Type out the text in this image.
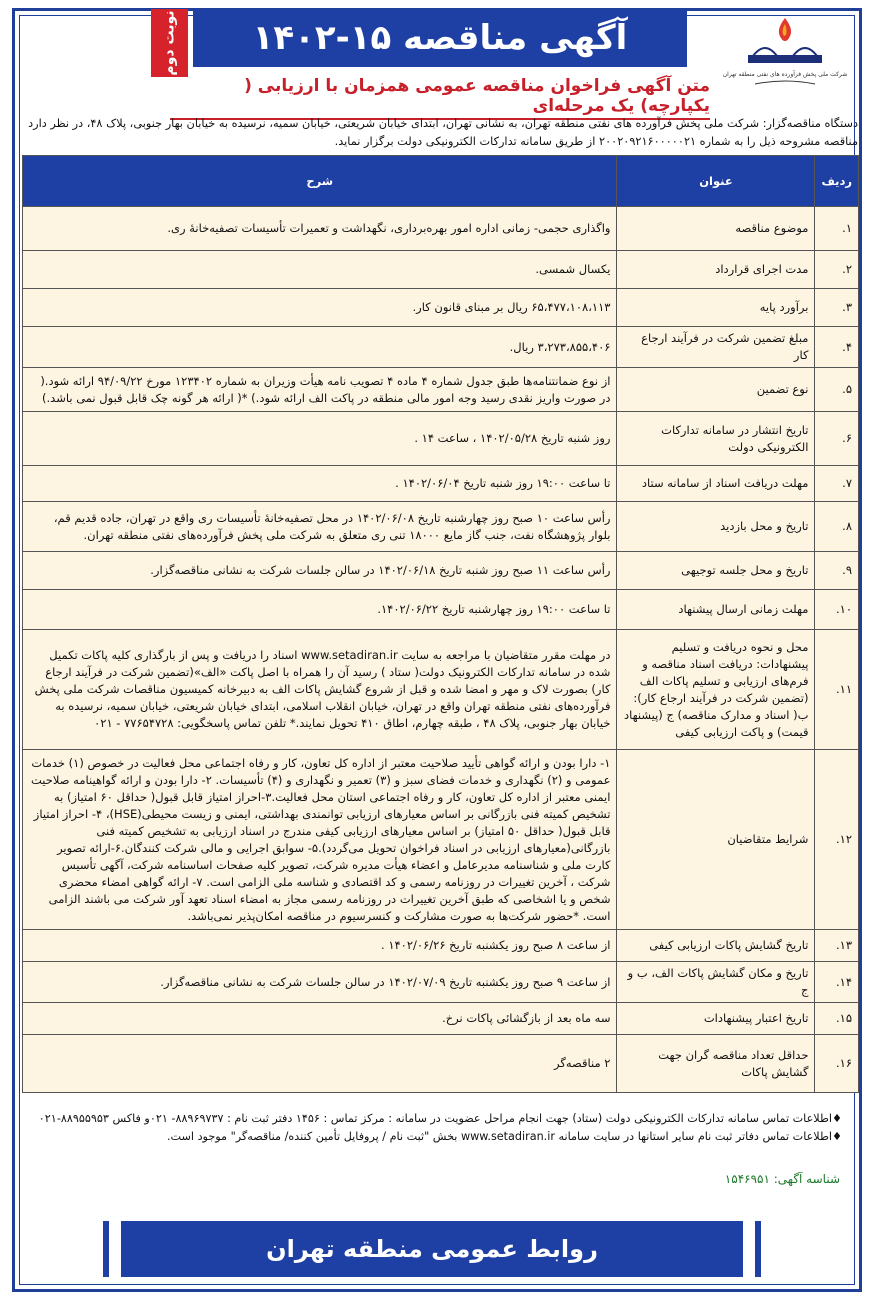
شرکت ملی پخش فرآورده های نفتی منطقه تهران
نوبت دوم	آگهی مناقصه ۱۵-۱۴۰۲
متن آگهی فراخوان مناقصه عمومی همزمان با ارزیابی ( یکپارچه) یک مرحله‌ای
دستگاه مناقصه‌گزار: شرکت ملی پخش فرآورده های نفتی منطقه تهران، به نشانی تهران، ابتدای خیابان شریعتی، خیابان سمیه، نرسیده به خیابان بهار جنوبی، پلاک ۴۸، در نظر دارد مناقصه مشروحه ذیل را به شماره ۲۰۰۲۰۹۲۱۶۰۰۰۰۰۲۱ از طریق سامانه تدارکات الکترونیکی دولت برگزار نماید.
ردیف	عنوان	شرح
۱.	موضوع مناقصه	واگذاری حجمی- زمانی اداره امور بهره‌برداری، نگهداشت و تعمیرات تأسیسات تصفیه‌خانهٔ ری.
۲.	مدت اجرای قرارداد	یکسال شمسی.
۳.	برآورد پایه	۶۵،۴۷۷،۱۰۸،۱۱۳ ریال بر مبنای قانون کار.
۴.	مبلغ تضمین شرکت در فرآیند ارجاع کار	۳،۲۷۳،۸۵۵،۴۰۶ ریال.
۵.	نوع تضمین	از نوع ضمانتنامه‌ها طبق جدول شماره ۴ ماده ۴ تصویب نامه هیأت وزیران به شماره ۱۲۳۴۰۲ مورخ ۹۴/۰۹/۲۲ ارائه شود.( در صورت واریز نقدی رسید وجه امور مالی منطقه در پاکت الف ارائه شود.) *( ارائه هر گونه چک قابل قبول نمی باشد.)
۶.	تاریخ انتشار در سامانه تدارکات الکترونیکی دولت	روز شنبه تاریخ ۱۴۰۲/۰۵/۲۸ ، ساعت ۱۴ .
۷.	مهلت دریافت اسناد از سامانه ستاد	تا ساعت ۱۹:۰۰ روز شنبه تاریخ ۱۴۰۲/۰۶/۰۴ .
۸.	تاریخ و محل بازدید	رأس ساعت ۱۰ صبح روز چهارشنبه تاریخ ۱۴۰۲/۰۶/۰۸ در محل تصفیه‌خانهٔ تأسیسات ری واقع در تهران، جاده قدیم قم، بلوار پژوهشگاه نفت، جنب گاز مایع ۱۸۰۰۰ تنی ری متعلق به شرکت ملی پخش فرآورده‌های نفتی منطقه تهران.
۹.	تاریخ و محل جلسه توجیهی	رأس ساعت ۱۱ صبح روز شنبه تاریخ ۱۴۰۲/۰۶/۱۸ در سالن جلسات شرکت به نشانی مناقصه‌گزار.
۱۰.	مهلت زمانی ارسال پیشنهاد	تا ساعت ۱۹:۰۰ روز چهارشنبه تاریخ ۱۴۰۲/۰۶/۲۲.
۱۱.	محل و نحوه دریافت و تسلیم پیشنهادات: دریافت اسناد مناقصه و فرم‌های ارزیابی و تسلیم پاکات الف (تضمین شرکت در فرآیند ارجاع کار): ب( اسناد و مدارک مناقصه) ج (پیشنهاد قیمت) و پاکت ارزیابی کیفی	در مهلت مقرر متقاضیان با مراجعه به سایت www.setadiran.ir اسناد را دریافت و پس از بارگذاری کلیه پاکات تکمیل شده در سامانه تدارکات الکترونیک دولت( ستاد ) رسید آن را همراه با اصل پاکت «الف»(تضمین شرکت در فرآیند ارجاع کار) بصورت لاک و مهر و امضا شده و قبل از شروع گشایش پاکات الف به دبیرخانه کمیسیون مناقصات شرکت ملی پخش فرآورده‌های نفتی منطقه تهران واقع در تهران، خیابان انقلاب اسلامی، ابتدای خیابان شریعتی، خیابان سمیه، نرسیده به خیابان بهار جنوبی، پلاک ۴۸ ، طبقه چهارم، اطاق ۴۱۰ تحویل نمایند.* تلفن تماس پاسخگویی: ۷۷۶۵۴۷۲۸ - ۰۲۱
۱۲.	شرایط متقاضیان	۱- دارا بودن و ارائه گواهی تأیید صلاحیت معتبر از اداره کل تعاون، کار و رفاه اجتماعی محل فعالیت در خصوص (۱) خدمات عمومی و (۲) نگهداری و خدمات فضای سبز و (۳) تعمیر و نگهداری و (۴) تأسیسات. ۲- دارا بودن و ارائه گواهینامه صلاحیت ایمنی معتبر از اداره کل تعاون، کار و رفاه اجتماعی استان محل فعالیت.۳-احراز امتیاز قابل قبول( حداقل ۶۰ امتیاز) به تشخیص کمیته فنی بازرگانی بر اساس معیارهای ارزیابی توانمندی بهداشتی، ایمنی و زیست محیطی(HSE)، ۴- احراز امتیاز قابل قبول( حداقل ۵۰ امتیاز) بر اساس معیارهای ارزیابی کیفی مندرج در اسناد ارزیابی به تشخیص کمیته فنی بازرگانی(معیارهای ارزیابی در اسناد فراخوان تحویل می‌گردد).۵- سوابق اجرایی و مالی شرکت کنندگان.۶-ارائه تصویر کارت ملی و شناسنامه مدیرعامل و اعضاء هیأت مدیره شرکت، تصویر کلیه صفحات اساسنامه شرکت، آگهی تأسیس شرکت ، آخرین تغییرات در روزنامه رسمی و کد اقتصادی و شناسه ملی الزامی است. ۷- ارائه گواهی امضاء محضری شخص و یا اشخاصی که طبق آخرین تغییرات در روزنامه رسمی مجاز به امضاء اسناد تعهد آور شرکت می باشند الزامی است. *حضور شرکت‌ها به صورت مشارکت و کنسرسیوم در مناقصه امکان‌پذیر نمی‌باشد.
۱۳.	تاریخ گشایش پاکات ارزیابی کیفی	از ساعت ۸ صبح روز یکشنبه تاریخ ۱۴۰۲/۰۶/۲۶ .
۱۴.	تاریخ و مکان گشایش پاکات الف، ب و ج	از ساعت ۹ صبح روز یکشنبه تاریخ ۱۴۰۲/۰۷/۰۹ در سالن جلسات شرکت به نشانی مناقصه‌گزار.
۱۵.	تاریخ اعتبار پیشنهادات	سه ماه بعد از بازگشائی پاکات نرخ.
۱۶.	حداقل تعداد مناقصه گران جهت گشایش پاکات	۲ مناقصه‌گر
♦اطلاعات تماس سامانه تدارکات الکترونیکی دولت (ستاد) جهت انجام مراحل عضویت در سامانه : مرکز تماس : ۱۴۵۶ دفتر ثبت نام : ۸۸۹۶۹۷۳۷- ۰۲۱و فاکس ۸۸۹۵۵۹۵۳-۰۲۱
♦اطلاعات تماس دفاتر ثبت نام سایر استانها در سایت سامانه www.setadiran.ir بخش "ثبت نام / پروفایل تأمین کننده/ مناقصه‌گر" موجود است.
شناسه آگهی: ۱۵۴۶۹۵۱
روابط عمومی منطقه تهران
